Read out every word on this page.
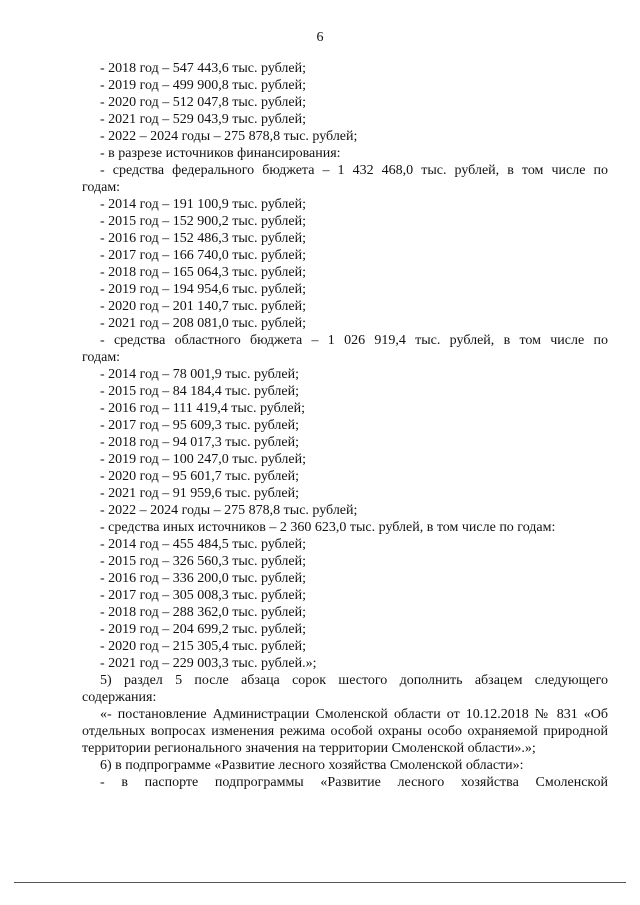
6
- 2018 год – 547 443,6 тыс. рублей;
- 2019 год – 499 900,8 тыс. рублей;
- 2020 год – 512 047,8 тыс. рублей;
- 2021 год – 529 043,9 тыс. рублей;
- 2022 – 2024 годы – 275 878,8 тыс. рублей;
- в разрезе источников финансирования:
- средства федерального бюджета – 1 432 468,0 тыс. рублей, в том числе по
годам:
- 2014 год – 191 100,9 тыс. рублей;
- 2015 год – 152 900,2 тыс. рублей;
- 2016 год – 152 486,3 тыс. рублей;
- 2017 год – 166 740,0 тыс. рублей;
- 2018 год – 165 064,3 тыс. рублей;
- 2019 год – 194 954,6 тыс. рублей;
- 2020 год – 201 140,7 тыс. рублей;
- 2021 год – 208 081,0 тыс. рублей;
- средства областного бюджета – 1 026 919,4 тыс. рублей, в том числе по
годам:
- 2014 год – 78 001,9 тыс. рублей;
- 2015 год – 84 184,4 тыс. рублей;
- 2016 год – 111 419,4 тыс. рублей;
- 2017 год – 95 609,3 тыс. рублей;
- 2018 год – 94 017,3 тыс. рублей;
- 2019 год – 100 247,0 тыс. рублей;
- 2020 год – 95 601,7 тыс. рублей;
- 2021 год – 91 959,6 тыс. рублей;
- 2022 – 2024 годы – 275 878,8 тыс. рублей;
- средства иных источников – 2 360 623,0 тыс. рублей, в том числе по годам:
- 2014 год – 455 484,5 тыс. рублей;
- 2015 год – 326 560,3 тыс. рублей;
- 2016 год – 336 200,0 тыс. рублей;
- 2017 год – 305 008,3 тыс. рублей;
- 2018 год – 288 362,0 тыс. рублей;
- 2019 год – 204 699,2 тыс. рублей;
- 2020 год – 215 305,4 тыс. рублей;
- 2021 год – 229 003,3 тыс. рублей.»;
5) раздел 5 после абзаца сорок шестого дополнить абзацем следующего
содержания:
«- постановление Администрации Смоленской области от 10.12.2018 № 831 «Об отдельных вопросах изменения режима особой охраны особо охраняемой природной территории регионального значения на территории Смоленской области».»;
6) в подпрограмме «Развитие лесного хозяйства Смоленской области»:
- в паспорте подпрограммы «Развитие лесного хозяйства Смоленской
